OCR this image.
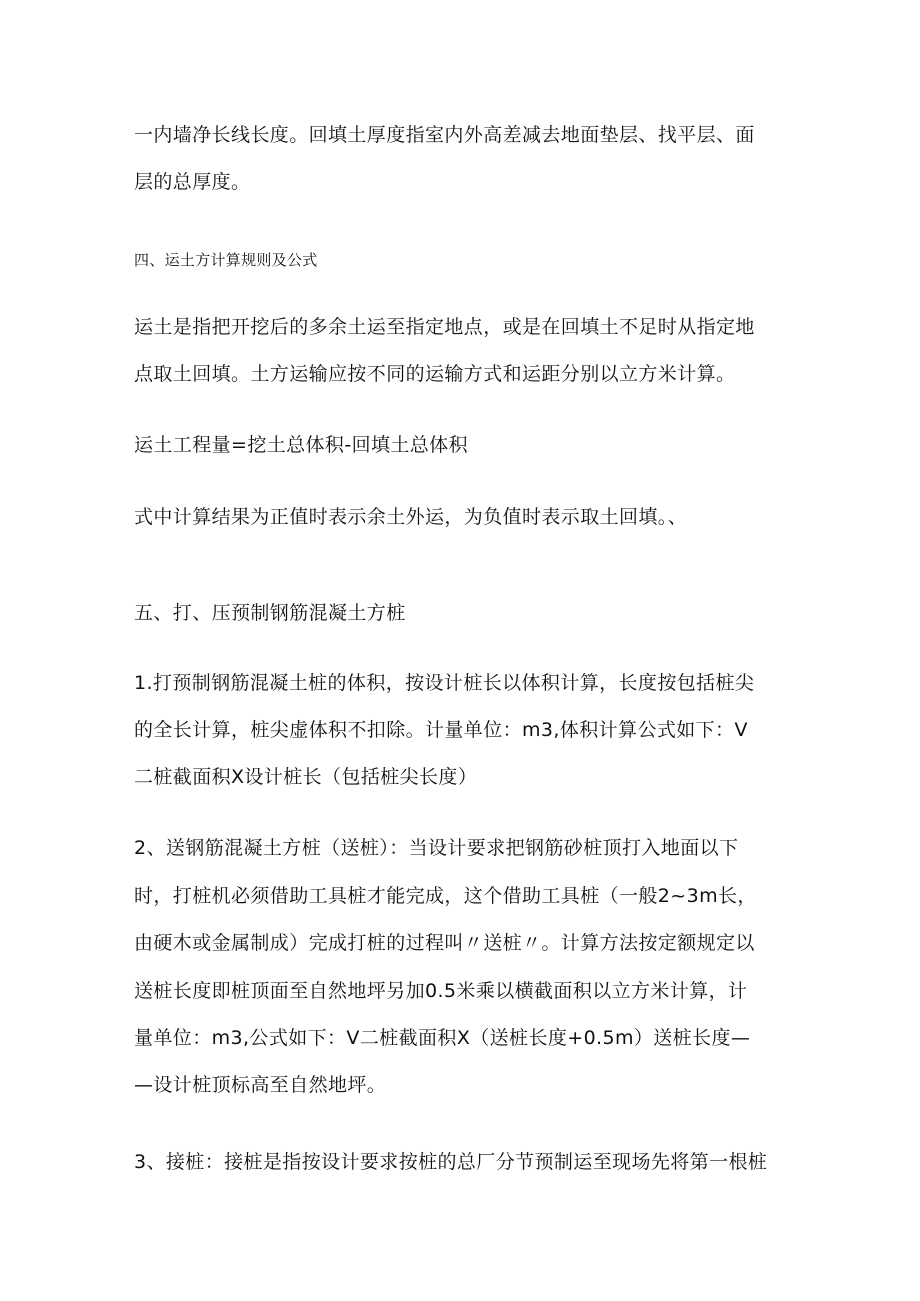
一内墙净长线长度。回填土厚度指室内外高差减去地面垫层、找平层、面
层的总厚度。
四、运土方计算规则及公式
运土是指把开挖后的多余土运至指定地点，或是在回填土不足时从指定地
点取土回填。土方运输应按不同的运输方式和运距分别以立方米计算。
运土工程量=挖土总体积-回填土总体积
式中计算结果为正值时表示余土外运，为负值时表示取土回填。、
五、打、压预制钢筋混凝土方桩
1.打预制钢筋混凝土桩的体积，按设计桩长以体积计算，长度按包括桩尖
的全长计算，桩尖虚体积不扣除。计量单位：m3,体积计算公式如下：V
二桩截面积X设计桩长（包括桩尖长度）
2、送钢筋混凝土方桩（送桩）：当设计要求把钢筋砂桩顶打入地面以下
时，打桩机必须借助工具桩才能完成，这个借助工具桩（一般2~3m长，
由硬木或金属制成）完成打桩的过程叫〃送桩〃。计算方法按定额规定以
送桩长度即桩顶面至自然地坪另加0.5米乘以横截面积以立方米计算，计
量单位：m3,公式如下：V二桩截面积X（送桩长度+0.5m）送桩长度—
—设计桩顶标高至自然地坪。
3、接桩：接桩是指按设计要求按桩的总厂分节预制运至现场先将第一根桩
